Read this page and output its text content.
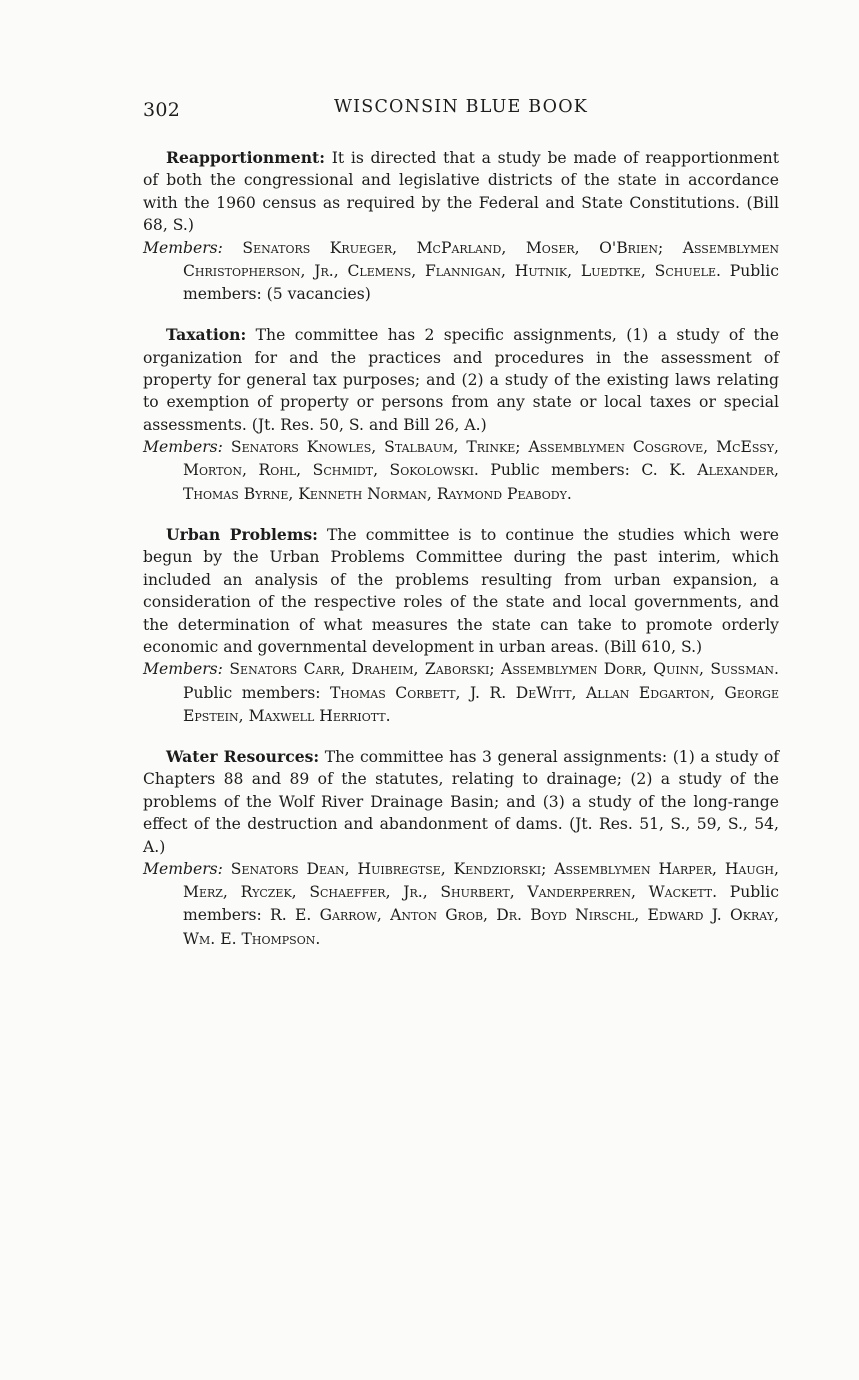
302	WISCONSIN BLUE BOOK

Reapportionment: It is directed that a study be made of reapportionment of both the congressional and legislative districts of the state in accordance with the 1960 census as required by the Federal and State Constitutions. (Bill 68, S.)

Members: Senators Krueger, McParland, Moser, O'Brien; Assemblymen Christopherson, Jr., Clemens, Flannigan, Hutnik, Luedtke, Schuele. Public members: (5 vacancies)

Taxation: The committee has 2 specific assignments, (1) a study of the organization for and the practices and procedures in the assessment of property for general tax purposes; and (2) a study of the existing laws relating to exemption of property or persons from any state or local taxes or special assessments. (Jt. Res. 50, S. and Bill 26, A.)

Members: Senators Knowles, Stalbaum, Trinke; Assemblymen Cosgrove, McEssy, Morton, Rohl, Schmidt, Sokolowski. Public members: C. K. Alexander, Thomas Byrne, Kenneth Norman, Raymond Peabody.

Urban Problems: The committee is to continue the studies which were begun by the Urban Problems Committee during the past interim, which included an analysis of the problems resulting from urban expansion, a consideration of the respective roles of the state and local governments, and the determination of what measures the state can take to promote orderly economic and governmental development in urban areas. (Bill 610, S.)

Members: Senators Carr, Draheim, Zaborski; Assemblymen Dorr, Quinn, Sussman. Public members: Thomas Corbett, J. R. DeWitt, Allan Edgarton, George Epstein, Maxwell Herriott.

Water Resources: The committee has 3 general assignments: (1) a study of Chapters 88 and 89 of the statutes, relating to drainage; (2) a study of the problems of the Wolf River Drainage Basin; and (3) a study of the long-range effect of the destruction and abandonment of dams. (Jt. Res. 51, S., 59, S., 54, A.)

Members: Senators Dean, Huibregtse, Kendziorski; Assemblymen Harper, Haugh, Merz, Ryczek, Schaeffer, Jr., Shurbert, Vanderperren, Wackett. Public members: R. E. Garrow, Anton Grob, Dr. Boyd Nirschl, Edward J. Okray, Wm. E. Thompson.
